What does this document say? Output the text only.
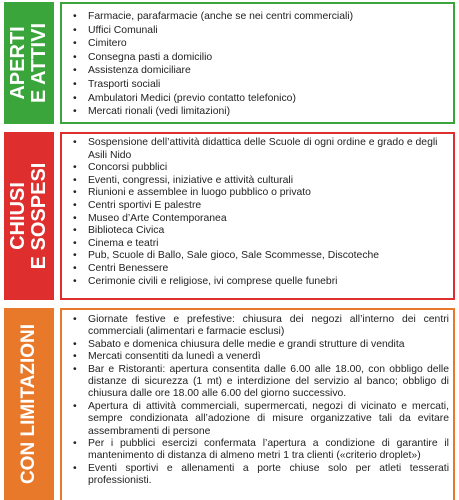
APERTI E ATTIVI
• Farmacie, parafarmacie (anche se nei centri commerciali)
• Uffici Comunali
• Cimitero
• Consegna pasti a domicilio
• Assistenza domiciliare
• Trasporti sociali
• Ambulatori Medici (previo contatto telefonico)
• Mercati rionali (vedi limitazioni)
CHIUSI E SOSPESI
• Sospensione dell’attività didattica delle Scuole di ogni ordine e grado e degli Asili Nido
• Concorsi pubblici
• Eventi, congressi, iniziative e attività culturali
• Riunioni e assemblee in luogo pubblico o privato
• Centri sportivi E palestre
• Museo d’Arte Contemporanea
• Biblioteca Civica
• Cinema e teatri
• Pub, Scuole di Ballo, Sale gioco, Sale Scommesse, Discoteche
• Centri Benessere
• Cerimonie civili e religiose, ivi comprese quelle funebri
CON LIMITAZIONI
• Giornate festive e prefestive: chiusura dei negozi all’interno dei centri commerciali (alimentari e farmacie esclusi)
• Sabato e domenica chiusura delle medie e grandi strutture di vendita
• Mercati consentiti da lunedì a venerdì
• Bar e Ristoranti: apertura consentita dalle 6.00 alle 18.00, con obbligo delle distanze di sicurezza (1 mt) e interdizione del servizio al banco; obbligo di chiusura dalle ore 18.00 alle 6.00 del giorno successivo.
• Apertura di attività commerciali, supermercati, negozi di vicinato e mercati, sempre condizionata all’adozione di misure organizzative tali da evitare assembramenti di persone
• Per i pubblici esercizi confermata l’apertura a condizione di garantire il mantenimento di distanza di almeno metri 1 tra clienti («criterio droplet»)
• Eventi sportivi e allenamenti a porte chiuse solo per atleti tesserati professionisti.
